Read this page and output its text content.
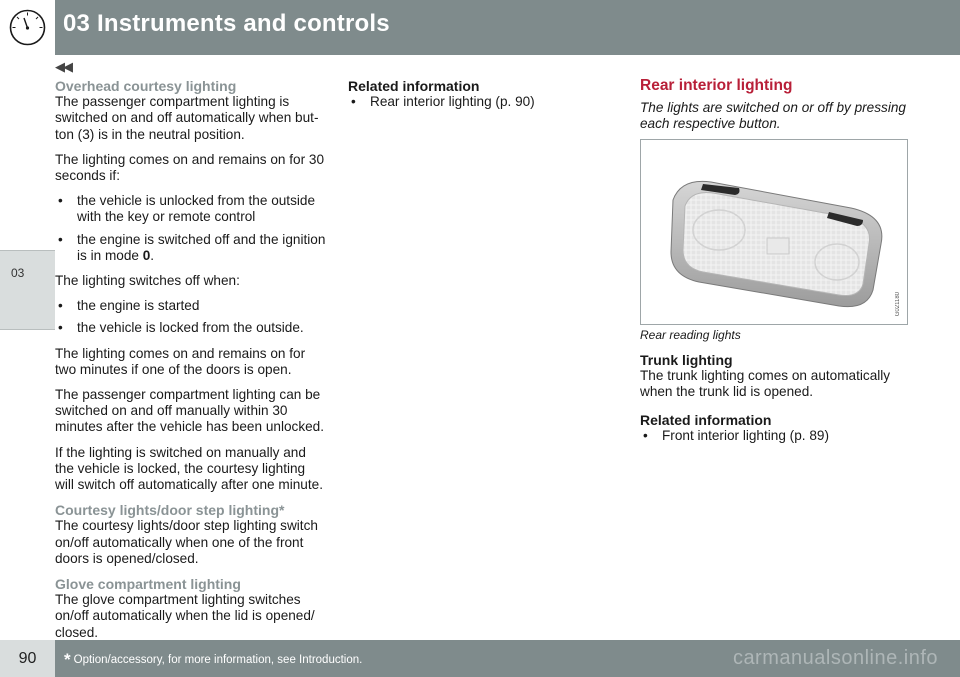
03 Instruments and controls
03
◀◀
Overhead courtesy lighting

The passenger compartment lighting is switched on and off automatically when but-ton (3) is in the neutral position.

The lighting comes on and remains on for 30 seconds if:

• the vehicle is unlocked from the outside with the key or remote control
• the engine is switched off and the ignition is in mode 0.

The lighting switches off when:

• the engine is started
• the vehicle is locked from the outside.

The lighting comes on and remains on for two minutes if one of the doors is open.

The passenger compartment lighting can be switched on and off manually within 30 minutes after the vehicle has been unlocked.

If the lighting is switched on manually and the vehicle is locked, the courtesy lighting will switch off automatically after one minute.

Courtesy lights/door step lighting*

The courtesy lights/door step lighting switch on/off automatically when one of the front doors is opened/closed.

Glove compartment lighting

The glove compartment lighting switches on/off automatically when the lid is opened/ closed.

Related information
• Rear interior lighting (p. 90)
Rear interior lighting

The lights are switched on or off by pressing each respective button.

G021180
Rear reading lights
Trunk lighting

The trunk lighting comes on automatically when the trunk lid is opened.

Related information
• Front interior lighting (p. 89)
90	* Option/accessory, for more information, see Introduction.	carmanualsonline.info
